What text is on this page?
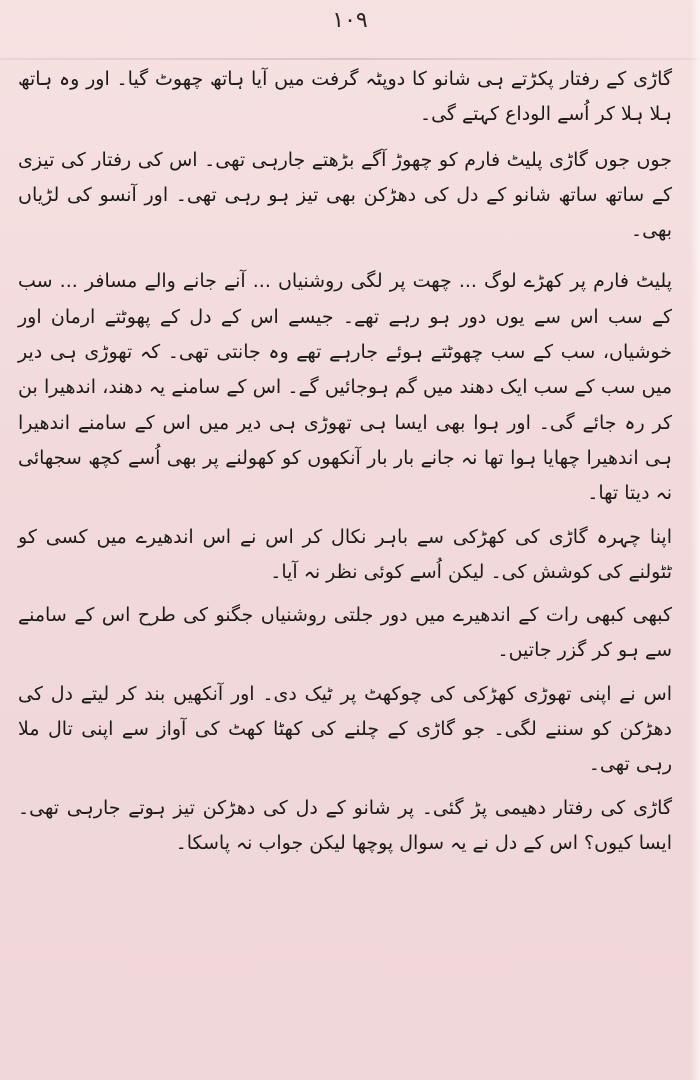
١٠٩
گاڑی کے رفتار پکڑتے ہی شانو کا دوپٹہ گرفت میں آیا ہاتھ چھوٹ گیا۔ اور وہ ہاتھ ہلا ہلا کر اُسے الوداع کہتے گی۔
جوں جوں گاڑی پلیٹ فارم کو چھوڑ آگے بڑھتے جارہی تھی۔ اس کی رفتار کی تیزی کے ساتھ ساتھ شانو کے دل کی دھڑکن بھی تیز ہو رہی تھی۔ اور آنسو کی لڑیاں بھی۔
پلیٹ فارم پر کھڑے لوگ ... چھت پر لگی روشنیاں ... آنے جانے والے مسافر ... سب کے سب اس سے یوں دور ہو رہے تھے۔ جیسے اس کے دل کے پھوٹتے ارمان اور خوشیاں، سب کے سب چھوٹتے ہوئے جارہے تھے وہ جانتی تھی۔ کہ تھوڑی ہی دیر میں سب کے سب ایک دھند میں گم ہوجائیں گے۔ اس کے سامنے یہ دھند، اندھیرا بن کر رہ جائے گی۔ اور ہوا بھی ایسا ہی تھوڑی ہی دیر میں اس کے سامنے اندھیرا ہی اندھیرا چھایا ہوا تھا نہ جانے بار بار آنکھوں کو کھولنے پر بھی اُسے کچھ سجھائی نہ دیتا تھا۔
اپنا چہرہ گاڑی کی کھڑکی سے باہر نکال کر اس نے اس اندھیرے میں کسی کو ٹٹولنے کی کوشش کی۔ لیکن اُسے کوئی نظر نہ آیا۔
کبھی کبھی رات کے اندھیرے میں دور جلتی روشنیاں جگنو کی طرح اس کے سامنے سے ہو کر گزر جاتیں۔
اس نے اپنی تھوڑی کھڑکی کی چوکھٹ پر ٹیک دی۔ اور آنکھیں بند کر لیتے دل کی دھڑکن کو سننے لگی۔ جو گاڑی کے چلنے کی کھٹا کھٹ کی آواز سے اپنی تال ملا رہی تھی۔
گاڑی کی رفتار دھیمی پڑ گئی۔ پر شانو کے دل کی دھڑکن تیز ہوتے جارہی تھی۔ ایسا کیوں؟ اس کے دل نے یہ سوال پوچھا لیکن جواب نہ پاسکا۔
